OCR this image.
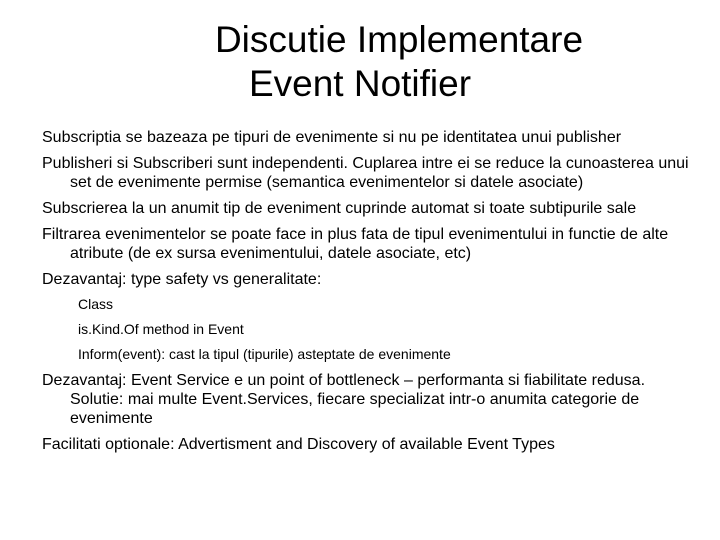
Discutie Implementare
Event Notifier
Subscriptia se bazeaza pe tipuri de evenimente si nu pe identitatea unui publisher
Publisheri si Subscriberi sunt independenti. Cuplarea intre ei se reduce la cunoasterea unui set de evenimente permise (semantica evenimentelor si datele asociate)
Subscrierea la un anumit tip de eveniment cuprinde automat si toate subtipurile sale
Filtrarea evenimentelor se poate face in plus fata de tipul evenimentului in functie de alte atribute (de ex sursa evenimentului, datele asociate, etc)
Dezavantaj: type safety vs generalitate:
Class
is.Kind.Of method in Event
Inform(event): cast la tipul (tipurile) asteptate de evenimente
Dezavantaj: Event Service e un point of bottleneck – performanta si fiabilitate redusa. Solutie: mai multe Event.Services, fiecare specializat intr-o anumita categorie de evenimente
Facilitati optionale: Advertisment and Discovery of available Event Types
